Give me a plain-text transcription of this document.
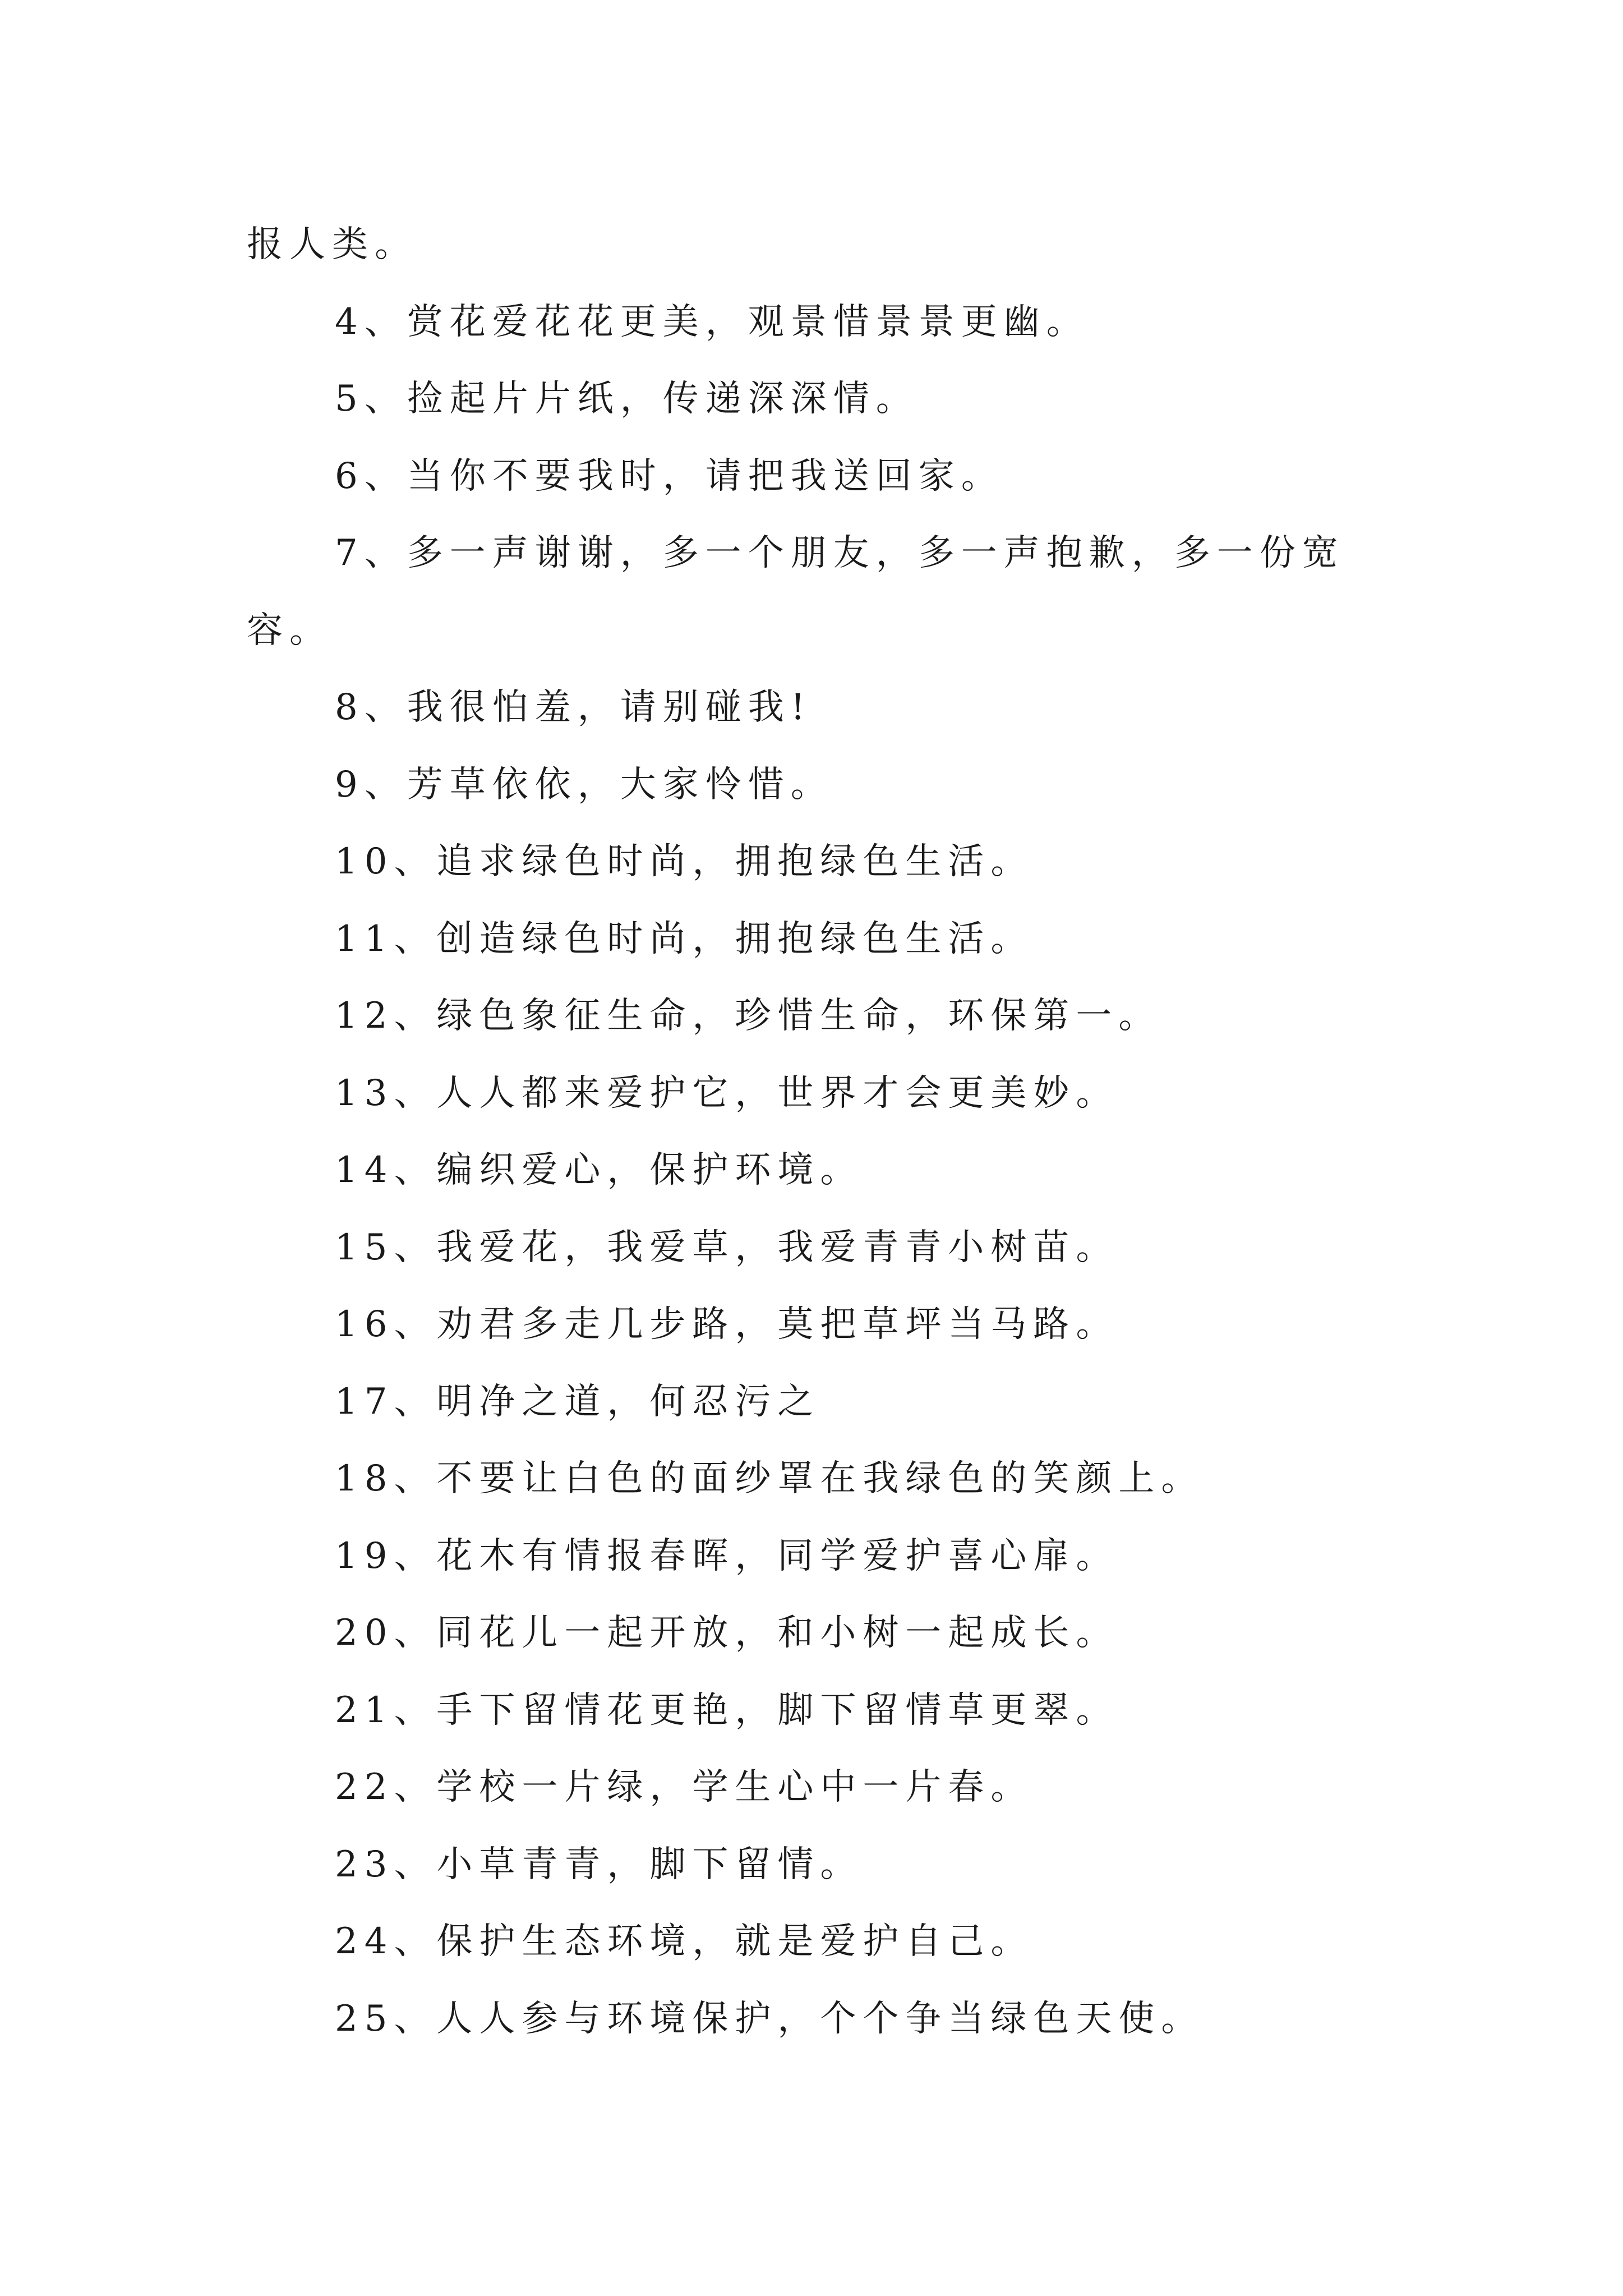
报人类。
4、赏花爱花花更美，观景惜景景更幽。
5、捡起片片纸，传递深深情。
6、当你不要我时，请把我送回家。
7、多一声谢谢，多一个朋友，多一声抱歉，多一份宽
容。
8、我很怕羞，请别碰我!
9、芳草依依，大家怜惜。
10、追求绿色时尚，拥抱绿色生活。
11、创造绿色时尚，拥抱绿色生活。
12、绿色象征生命，珍惜生命，环保第一。
13、人人都来爱护它，世界才会更美妙。
14、编织爱心，保护环境。
15、我爱花，我爱草，我爱青青小树苗。
16、劝君多走几步路，莫把草坪当马路。
17、明净之道，何忍污之
18、不要让白色的面纱罩在我绿色的笑颜上。
19、花木有情报春晖，同学爱护喜心扉。
20、同花儿一起开放，和小树一起成长。
21、手下留情花更艳，脚下留情草更翠。
22、学校一片绿，学生心中一片春。
23、小草青青，脚下留情。
24、保护生态环境，就是爱护自己。
25、人人参与环境保护，个个争当绿色天使。
